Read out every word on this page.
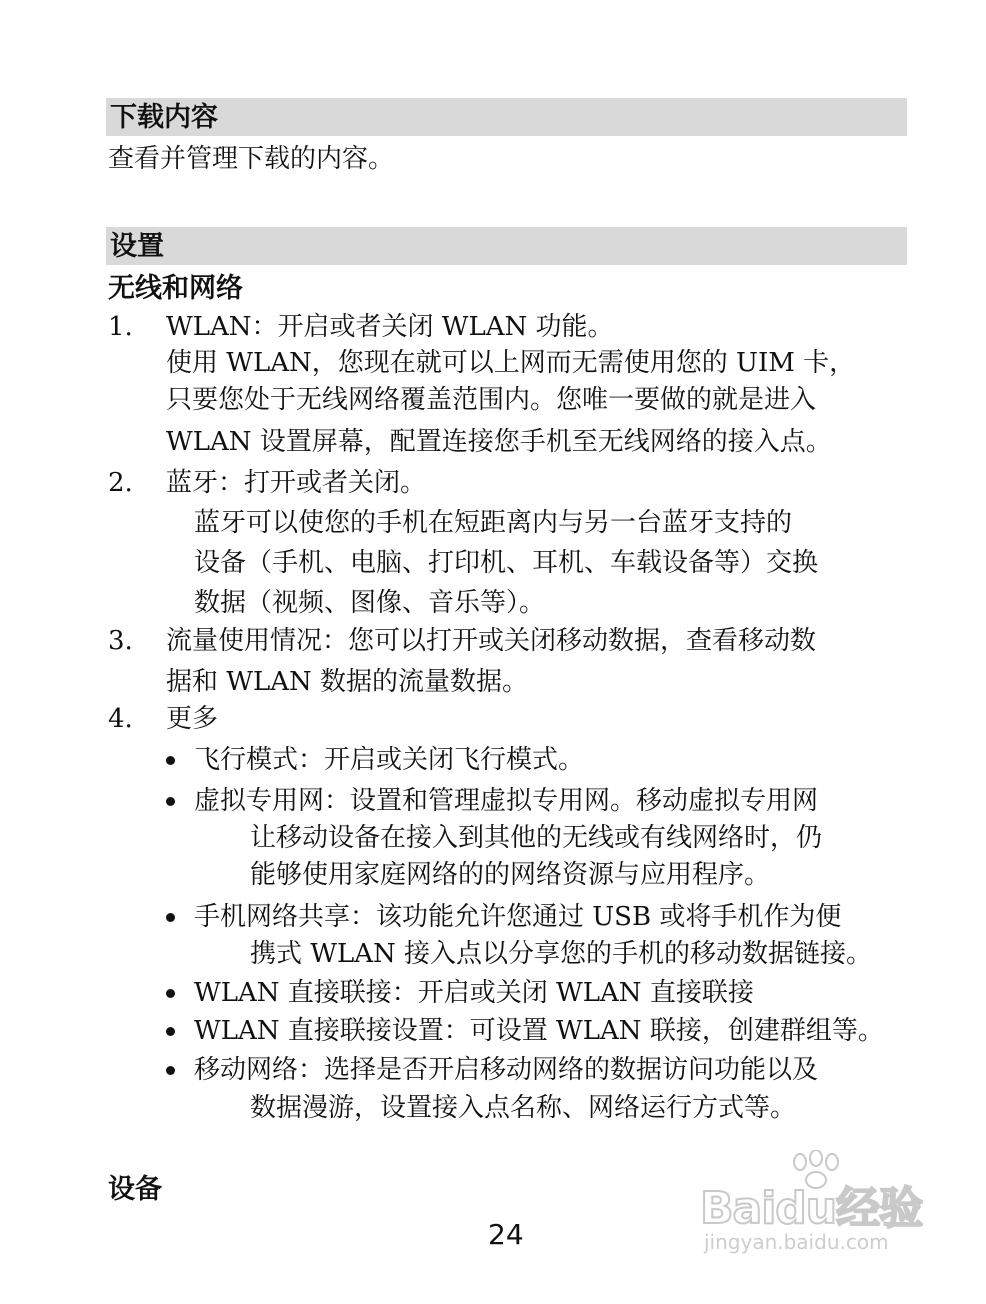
下载内容
查看并管理下载的内容。
设置
无线和网络
1. WLAN：开启或者关闭 WLAN 功能。
使用 WLAN，您现在就可以上网而无需使用您的 UIM 卡，
只要您处于无线网络覆盖范围内。您唯一要做的就是进入
WLAN 设置屏幕，配置连接您手机至无线网络的接入点。
2. 蓝牙：打开或者关闭。
蓝牙可以使您的手机在短距离内与另一台蓝牙支持的
设备（手机、电脑、打印机、耳机、车载设备等）交换
数据（视频、图像、音乐等）。
3. 流量使用情况：您可以打开或关闭移动数据，查看移动数
据和 WLAN 数据的流量数据。
4. 更多
飞行模式：开启或关闭飞行模式。
虚拟专用网：设置和管理虚拟专用网。移动虚拟专用网
让移动设备在接入到其他的无线或有线网络时，仍
能够使用家庭网络的的网络资源与应用程序。
手机网络共享：该功能允许您通过 USB 或将手机作为便
携式 WLAN 接入点以分享您的手机的移动数据链接。
WLAN 直接联接：开启或关闭 WLAN 直接联接
WLAN 直接联接设置：可设置 WLAN 联接，创建群组等。
移动网络：选择是否开启移动网络的数据访问功能以及
数据漫游，设置接入点名称、网络运行方式等。
设备
24
Baidu经验
jingyan.baidu.com
